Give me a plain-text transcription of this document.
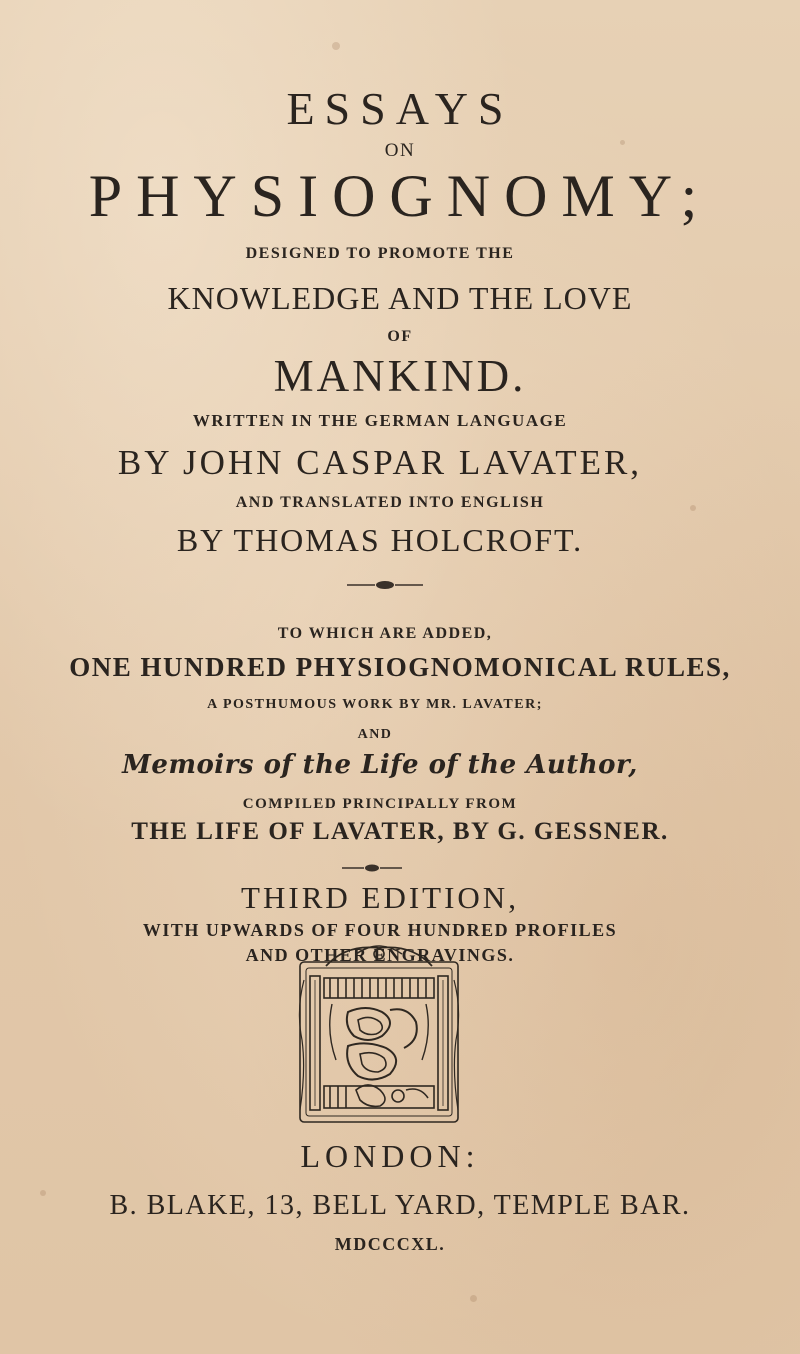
ESSAYS
ON
PHYSIOGNOMY;
DESIGNED TO PROMOTE THE
KNOWLEDGE AND THE LOVE
OF
MANKIND.
WRITTEN IN THE GERMAN LANGUAGE
BY JOHN CASPAR LAVATER,
AND TRANSLATED INTO ENGLISH
BY THOMAS HOLCROFT.
TO WHICH ARE ADDED,
ONE HUNDRED PHYSIOGNOMONICAL RULES,
A POSTHUMOUS WORK BY MR. LAVATER;
AND
Memoirs of the Life of the Author,
COMPILED PRINCIPALLY FROM
THE LIFE OF LAVATER, BY G. GESSNER.
THIRD EDITION,
WITH UPWARDS OF FOUR HUNDRED PROFILES
AND OTHER ENGRAVINGS.
LONDON:
B. BLAKE, 13, BELL YARD, TEMPLE BAR.
MDCCCXL.
